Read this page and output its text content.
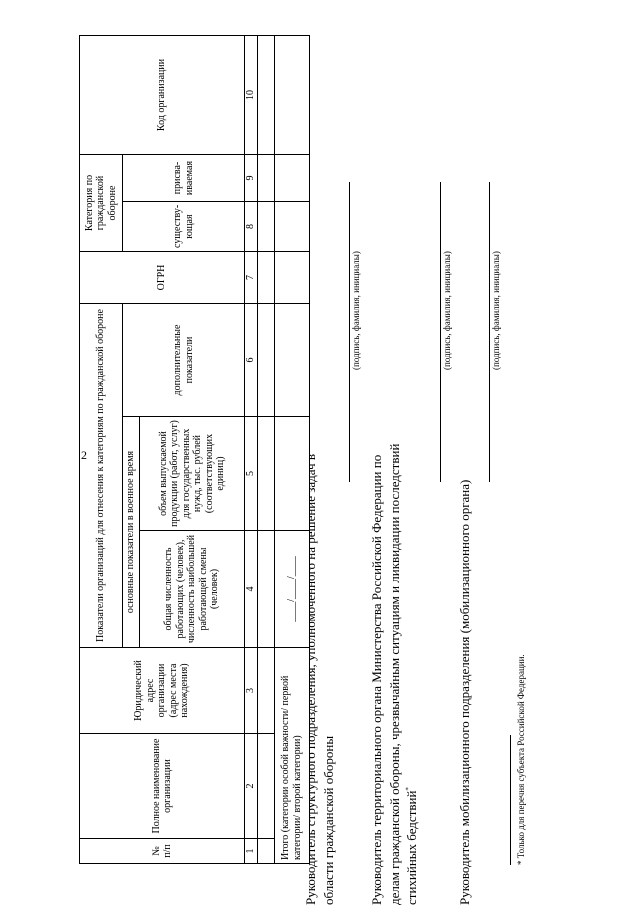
2
№ п/п	Полное наименование организации	Юридический адрес организации (адрес места нахождения)	Показатели организаций для отнесения к категориям по гражданской обороне			ОГРН	Категория по гражданской обороне		Код организации
			основные показатели в военное время		дополнительные показатели		существу-ющая	присва-иваемая	
			общая численность работающих (человек), численность наибольшей работающей смены (человек)	объем выпускаемой продукции (работ, услуг) для государственных нужд, тыс. рублей (соответствующих единиц)					
1	2	3	4	5	6	7	8	9	10

Итого (категории особой важности/ первой категории/ второй категории)			____/____/____						Руководитель структурного подразделения, уполномоченного на решение задач в области гражданской обороны
(подпись, фамилия, инициалы)
Руководитель территориального органа Министерства Российской Федерации по делам гражданской обороны, чрезвычайным ситуациям и ликвидации последствий стихийных бедствий*
(подпись, фамилия, инициалы)
Руководитель мобилизационного подразделения (мобилизационного органа)
(подпись, фамилия, инициалы)
* Только для перечня субъекта Российской Федерации.
